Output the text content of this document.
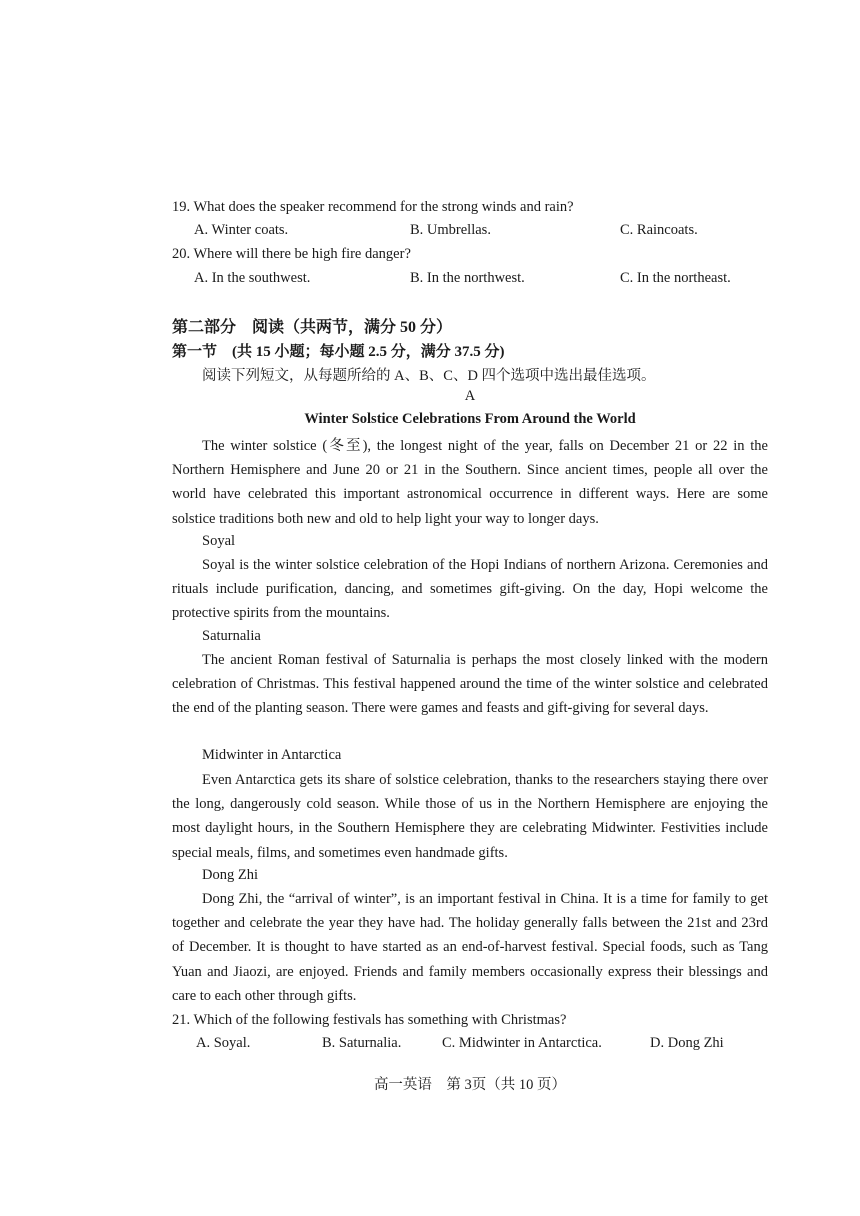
19. What does the speaker recommend for the strong winds and rain?
A. Winter coats.	B. Umbrellas.	C. Raincoats.
20. Where will there be high fire danger?
A. In the southwest.	B. In the northwest.	C. In the northeast.
第二部分　阅读（共两节，满分 50 分）
第一节　(共 15 小题；每小题 2.5 分，满分 37.5 分)
阅读下列短文，从每题所给的 A、B、C、D 四个选项中选出最佳选项。
A
Winter Solstice Celebrations From Around the World
The winter solstice (冬至), the longest night of the year, falls on December 21 or 22 in the Northern Hemisphere and June 20 or 21 in the Southern. Since ancient times, people all over the world have celebrated this important astronomical occurrence in different ways. Here are some solstice traditions both new and old to help light your way to longer days.
Soyal
Soyal is the winter solstice celebration of the Hopi Indians of northern Arizona. Ceremonies and rituals include purification, dancing, and sometimes gift-giving. On the day, Hopi welcome the protective spirits from the mountains.
Saturnalia
The ancient Roman festival of Saturnalia is perhaps the most closely linked with the modern celebration of Christmas. This festival happened around the time of the winter solstice and celebrated the end of the planting season. There were games and feasts and gift-giving for several days.
Midwinter in Antarctica
Even Antarctica gets its share of solstice celebration, thanks to the researchers staying there over the long, dangerously cold season. While those of us in the Northern Hemisphere are enjoying the most daylight hours, in the Southern Hemisphere they are celebrating Midwinter. Festivities include special meals, films, and sometimes even handmade gifts.
Dong Zhi
Dong Zhi, the “arrival of winter”, is an important festival in China. It is a time for family to get together and celebrate the year they have had. The holiday generally falls between the 21st and 23rd of December. It is thought to have started as an end-of-harvest festival. Special foods, such as Tang Yuan and Jiaozi, are enjoyed. Friends and family members occasionally express their blessings and care to each other through gifts.
21. Which of the following festivals has something with Christmas?
A. Soyal.	B. Saturnalia.	C. Midwinter in Antarctica.	D. Dong Zhi
高一英语　第 3页（共 10 页）
